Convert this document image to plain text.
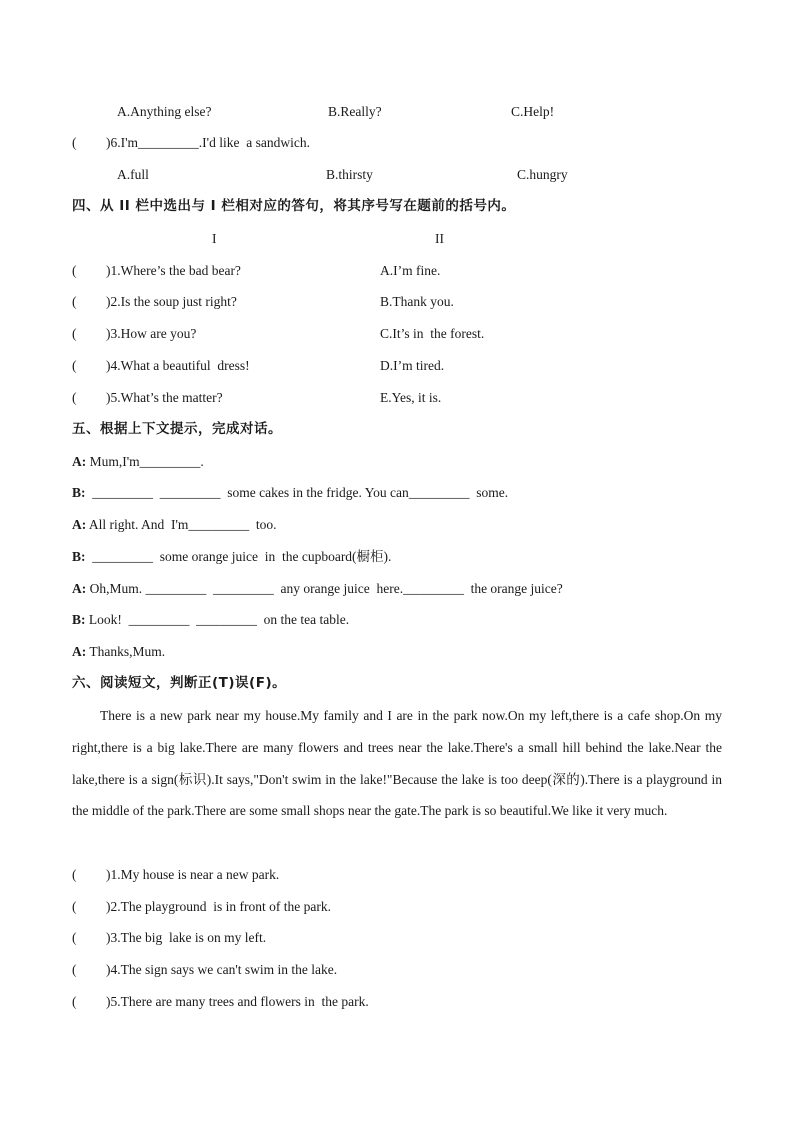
A.Anything else?	B.Really?	C.Help!
( )6.I'm_________.I'd like  a sandwich.
A.full	B.thirsty	C.hungry
四、从 II 栏中选出与 I 栏相对应的答句，将其序号写在题前的括号内。
I	II
( )1.Where’s the bad bear?	A.I’m fine.
( )2.Is the soup just right?	B.Thank you.
( )3.How are you?	C.It’s in  the forest.
( )4.What a beautiful  dress!	D.I’m tired.
( )5.What’s the matter?	E.Yes, it is.
五、根据上下文提示，完成对话。
A: Mum,I'm_________.
B:  _________  _________  some cakes in the fridge. You can_________  some.
A: All right. And  I'm_________  too.
B:  _________  some orange juice  in  the cupboard(橱柜).
A: Oh,Mum. _________  _________  any orange juice  here._________  the orange juice?
B: Look!  _________  _________  on the tea table.
A: Thanks,Mum.
六、阅读短文，判断正(T)误(F)。

There is a new park near my house.My family and I are in the park now.On my left,there is a cafe shop.On my right,there is a big lake.There are many flowers and trees near the lake.There's a small hill behind the lake.Near the lake,there is a sign(标识).It says,"Don't swim in the lake!"Because the lake is too deep(深的).There is a playground in the middle of the park.There are some small shops near the gate.The park is so beautiful.We like it very much.

( )1.My house is near a new park.
( )2.The playground  is in front of the park.
( )3.The big  lake is on my left.
( )4.The sign says we can't swim in the lake.
( )5.There are many trees and flowers in  the park.
